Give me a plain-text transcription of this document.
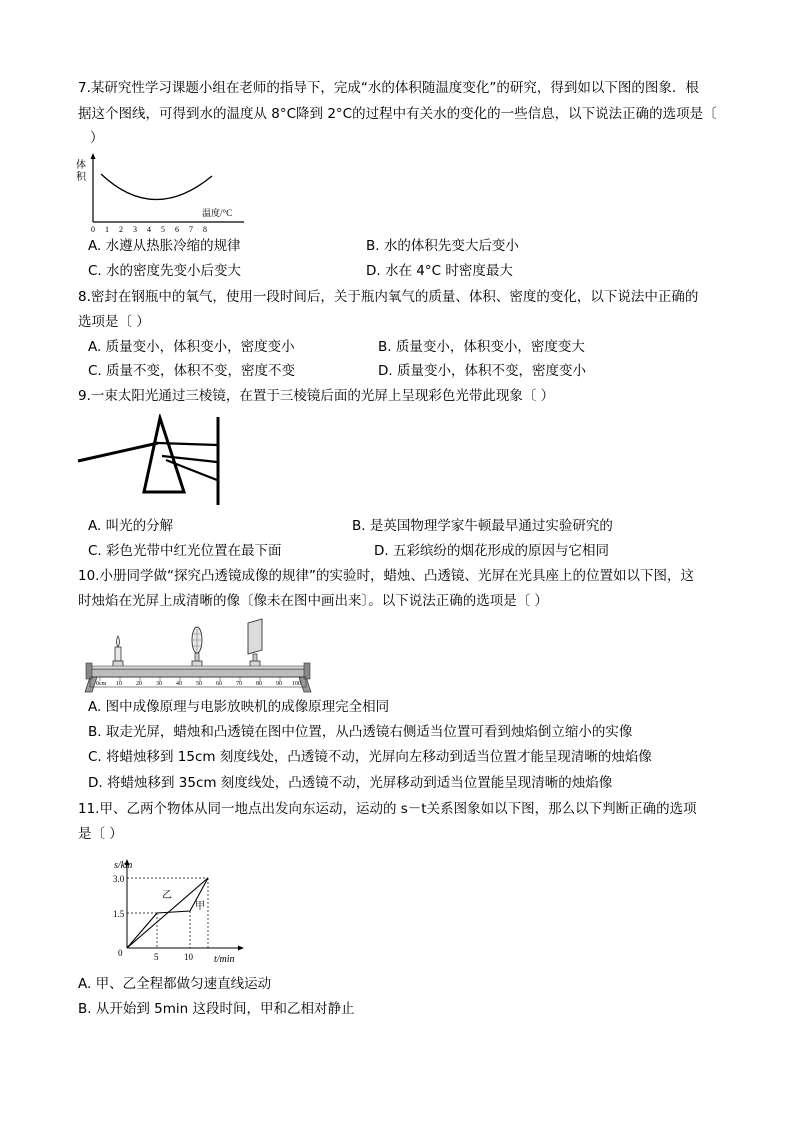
7.某研究性学习课题小组在老师的指导下，完成“水的体积随温度变化”的研究，得到如以下图的图象．根
据这个图线，可得到水的温度从 8°C降到 2°C的过程中有关水的变化的一些信息，以下说法正确的选项是〔
）
体
积
0 1 2 3 4 5 6 7 8
温度/°C
A. 水遵从热胀冷缩的规律	B. 水的体积先变大后变小
C. 水的密度先变小后变大	D. 水在 4°C 时密度最大
8.密封在钢瓶中的氧气，使用一段时间后，关于瓶内氧气的质量、体积、密度的变化，以下说法中正确的
选项是〔 ）
A. 质量变小，体积变小，密度变小	B. 质量变小，体积变小，密度变大
C. 质量不变，体积不变，密度不变	D. 质量变小，体积不变，密度变小
9.一束太阳光通过三棱镜，在置于三棱镜后面的光屏上呈现彩色光带此现象〔 ）
A. 叫光的分解	B. 是英国物理学家牛顿最早通过实验研究的
C. 彩色光带中红光位置在最下面	D. 五彩缤纷的烟花形成的原因与它相同
10.小册同学做“探究凸透镜成像的规律”的实验时，蜡烛、凸透镜、光屏在光具座上的位置如以下图，这
时烛焰在光屏上成清晰的像〔像未在图中画出来〕。以下说法正确的选项是〔 ）
0cm 10 20 30 40 50 60 70 80 90 100
A. 图中成像原理与电影放映机的成像原理完全相同
B. 取走光屏，蜡烛和凸透镜在图中位置，从凸透镜右侧适当位置可看到烛焰倒立缩小的实像
C. 将蜡烛移到 15cm 刻度线处，凸透镜不动，光屏向左移动到适当位置才能呈现清晰的烛焰像
D. 将蜡烛移到 35cm 刻度线处，凸透镜不动，光屏移动到适当位置能呈现清晰的烛焰像
11.甲、乙两个物体从同一地点出发向东运动，运动的 s－t关系图象如以下图，那么以下判断正确的选项
是〔 ）
s/km
t/min
3.0
1.5
0	5	10
乙
甲
A. 甲、乙全程都做匀速直线运动
B. 从开始到 5min 这段时间，甲和乙相对静止
